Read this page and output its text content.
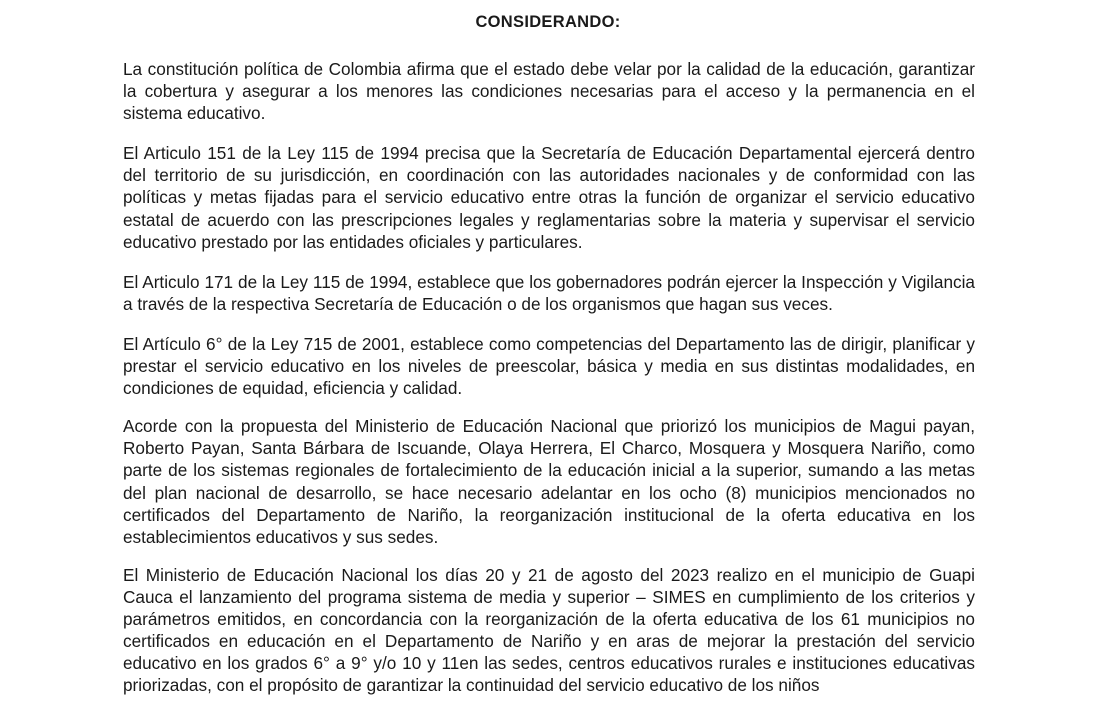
CONSIDERANDO:

La constitución política de Colombia afirma que el estado debe velar por la calidad de la educación, garantizar la cobertura y asegurar a los menores las condiciones necesarias para el acceso y la permanencia en el sistema educativo.

El Articulo 151 de la Ley 115 de 1994 precisa que la Secretaría de Educación Departamental ejercerá dentro del territorio de su jurisdicción, en coordinación con las autoridades nacionales y de conformidad con las políticas y metas fijadas para el servicio educativo entre otras la función de organizar el servicio educativo estatal de acuerdo con las prescripciones legales y reglamentarias sobre la materia y supervisar el servicio educativo prestado por las entidades oficiales y particulares.

El Articulo 171 de la Ley 115 de 1994, establece que los gobernadores podrán ejercer la Inspección y Vigilancia a través de la respectiva Secretaría de Educación o de los organismos que hagan sus veces.

El Artículo 6° de la Ley 715 de 2001, establece como competencias del Departamento las de dirigir, planificar y prestar el servicio educativo en los niveles de preescolar, básica y media en sus distintas modalidades, en condiciones de equidad, eficiencia y calidad.

Acorde con la propuesta del Ministerio de Educación Nacional que priorizó los municipios de Magui payan, Roberto Payan, Santa Bárbara de Iscuande, Olaya Herrera, El Charco, Mosquera y Mosquera Nariño, como parte de los sistemas regionales de fortalecimiento de la educación inicial a la superior, sumando a las metas del plan nacional de desarrollo, se hace necesario adelantar en los ocho (8) municipios mencionados no certificados del Departamento de Nariño, la reorganización institucional de la oferta educativa en los establecimientos educativos y sus sedes.

El Ministerio de Educación Nacional los días 20 y 21 de agosto del 2023 realizo en el municipio de Guapi Cauca el lanzamiento del programa sistema de media y superior – SIMES en cumplimiento de los criterios y parámetros emitidos, en concordancia con la reorganización de la oferta educativa de los 61 municipios no certificados en educación en el Departamento de Nariño y en aras de mejorar la prestación del servicio educativo en los grados 6° a 9° y/o 10 y 11en las sedes, centros educativos rurales e instituciones educativas priorizadas, con el propósito de garantizar la continuidad del servicio educativo de los niños
